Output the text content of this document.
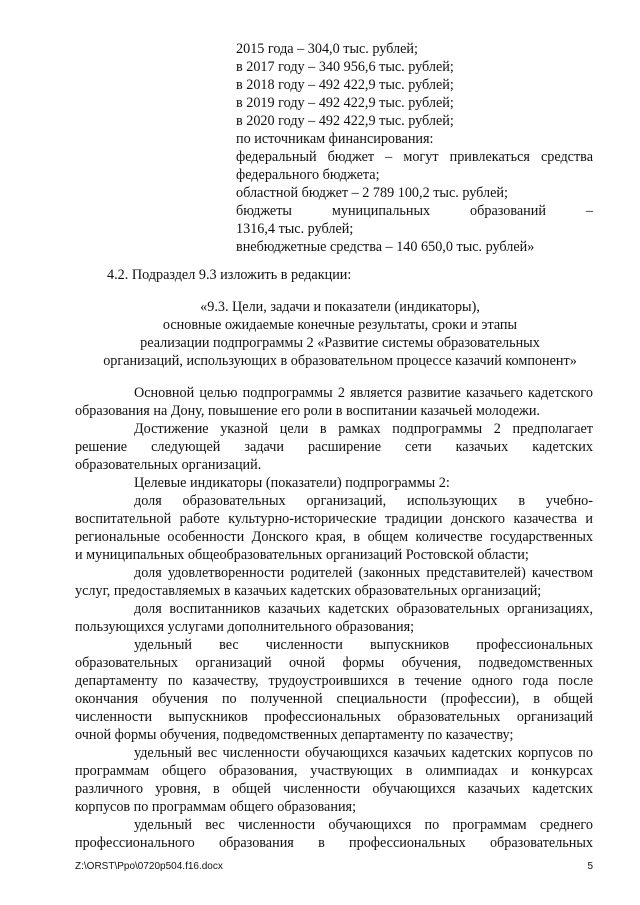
2015 года – 304,0 тыс. рублей;
в 2017 году – 340 956,6 тыс. рублей;
в 2018 году – 492 422,9 тыс. рублей;
в 2019 году – 492 422,9 тыс. рублей;
в 2020 году – 492 422,9 тыс. рублей;
по источникам финансирования:
федеральный бюджет – могут привлекаться средства
федерального бюджета;
областной бюджет – 2 789 100,2 тыс. рублей;
бюджеты муниципальных образований –
1316,4 тыс. рублей;
внебюджетные средства – 140 650,0 тыс. рублей»
4.2. Подраздел 9.3 изложить в редакции:
«9.3. Цели, задачи и показатели (индикаторы),
основные ожидаемые конечные результаты, сроки и этапы
реализации подпрограммы 2 «Развитие системы образовательных
организаций, использующих в образовательном процессе казачий компонент»
Основной целью подпрограммы 2 является развитие казачьего кадетского
образования на Дону, повышение его роли в воспитании казачьей молодежи.
Достижение указной цели в рамках подпрограммы 2 предполагает
решение следующей задачи расширение сети казачьих кадетских
образовательных организаций.
Целевые индикаторы (показатели) подпрограммы 2:
доля образовательных организаций, использующих в учебно-
воспитательной работе культурно-исторические традиции донского казачества и
региональные особенности Донского края, в общем количестве государственных
и муниципальных общеобразовательных организаций Ростовской области;
доля удовлетворенности родителей (законных представителей) качеством
услуг, предоставляемых в казачьих кадетских образовательных организаций;
доля воспитанников казачьих кадетских образовательных организациях,
пользующихся услугами дополнительного образования;
удельный вес численности выпускников профессиональных
образовательных организаций очной формы обучения, подведомственных
департаменту по казачеству, трудоустроившихся в течение одного года после
окончания обучения по полученной специальности (профессии), в общей
численности выпускников профессиональных образовательных организаций
очной формы обучения, подведомственных департаменту по казачеству;
удельный вес численности обучающихся казачьих кадетских корпусов по
программам общего образования, участвующих в олимпиадах и конкурсах
различного уровня, в общей численности обучающихся казачьих кадетских
корпусов по программам общего образования;
удельный вес численности обучающихся по программам среднего
профессионального образования в профессиональных образовательных
Z:\ORST\Ppo\0720p504.f16.docx	5
